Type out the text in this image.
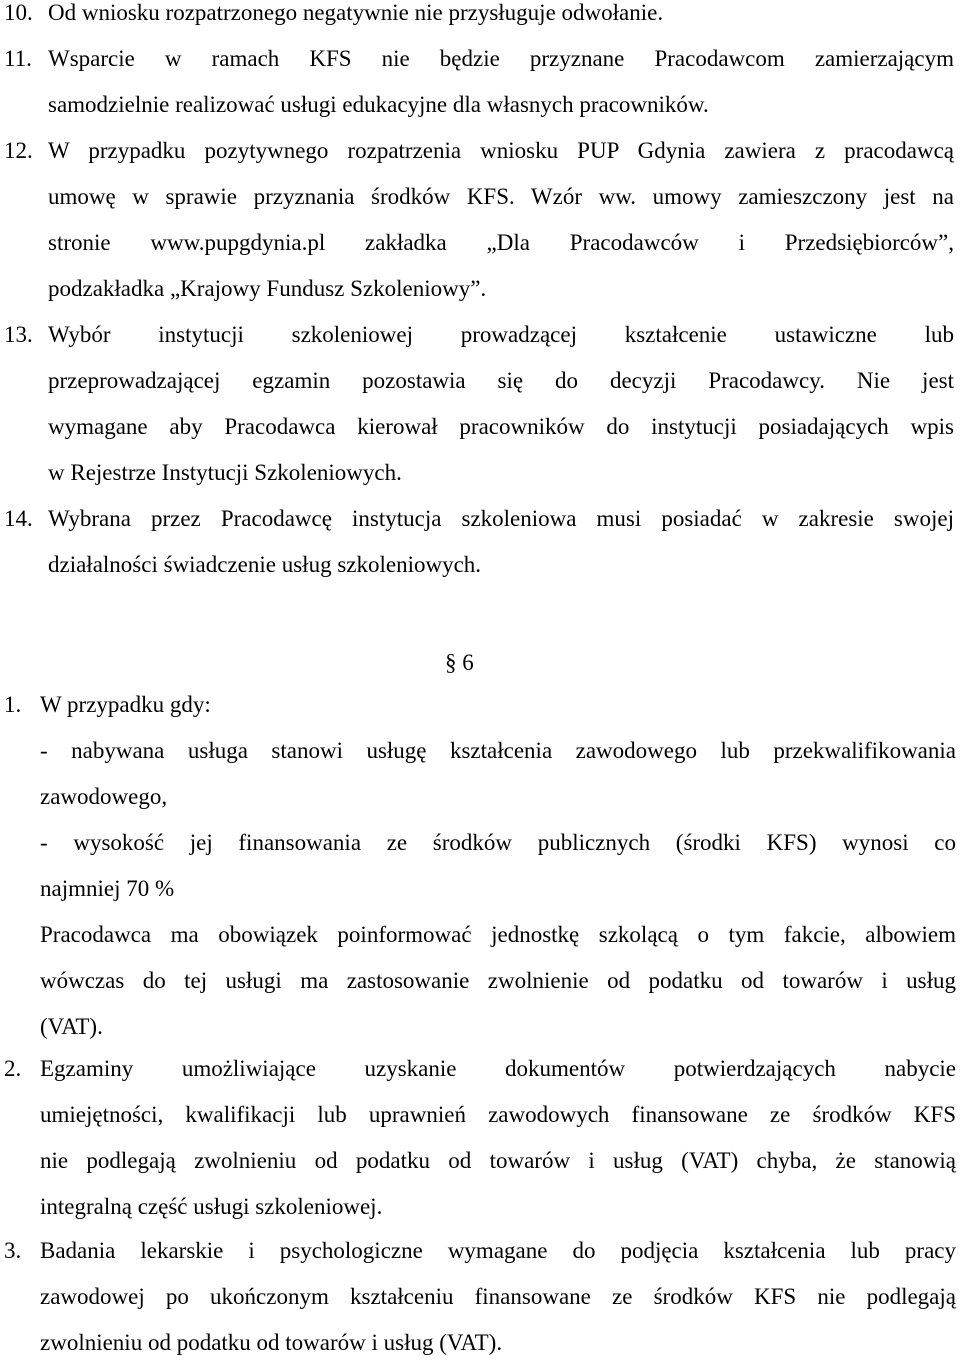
10. Od wniosku rozpatrzonego negatywnie nie przysługuje odwołanie.
11. Wsparcie w ramach KFS nie będzie przyznane Pracodawcom zamierzającym
samodzielnie realizować usługi edukacyjne dla własnych pracowników.
12. W przypadku pozytywnego rozpatrzenia wniosku PUP Gdynia zawiera z pracodawcą
umowę w sprawie przyznania środków KFS. Wzór ww. umowy zamieszczony jest na
stronie www.pupgdynia.pl zakładka „Dla Pracodawców i Przedsiębiorców”,
podzakładka „Krajowy Fundusz Szkoleniowy”.
13. Wybór instytucji szkoleniowej prowadzącej kształcenie ustawiczne lub
przeprowadzającej egzamin pozostawia się do decyzji Pracodawcy. Nie jest
wymagane aby Pracodawca kierował pracowników do instytucji posiadających wpis
w Rejestrze Instytucji Szkoleniowych.
14. Wybrana przez Pracodawcę instytucja szkoleniowa musi posiadać w zakresie swojej
działalności świadczenie usług szkoleniowych.
§ 6
1. W przypadku gdy:
- nabywana usługa stanowi usługę kształcenia zawodowego lub przekwalifikowania
zawodowego,
- wysokość jej finansowania ze środków publicznych (środki KFS) wynosi co
najmniej 70 %
Pracodawca ma obowiązek poinformować jednostkę szkolącą o tym fakcie, albowiem
wówczas do tej usługi ma zastosowanie zwolnienie od podatku od towarów i usług
(VAT).
2. Egzaminy umożliwiające uzyskanie dokumentów potwierdzających nabycie
umiejętności, kwalifikacji lub uprawnień zawodowych finansowane ze środków KFS
nie podlegają zwolnieniu od podatku od towarów i usług (VAT) chyba, że stanowią
integralną część usługi szkoleniowej.
3. Badania lekarskie i psychologiczne wymagane do podjęcia kształcenia lub pracy
zawodowej po ukończonym kształceniu finansowane ze środków KFS nie podlegają
zwolnieniu od podatku od towarów i usług (VAT).
